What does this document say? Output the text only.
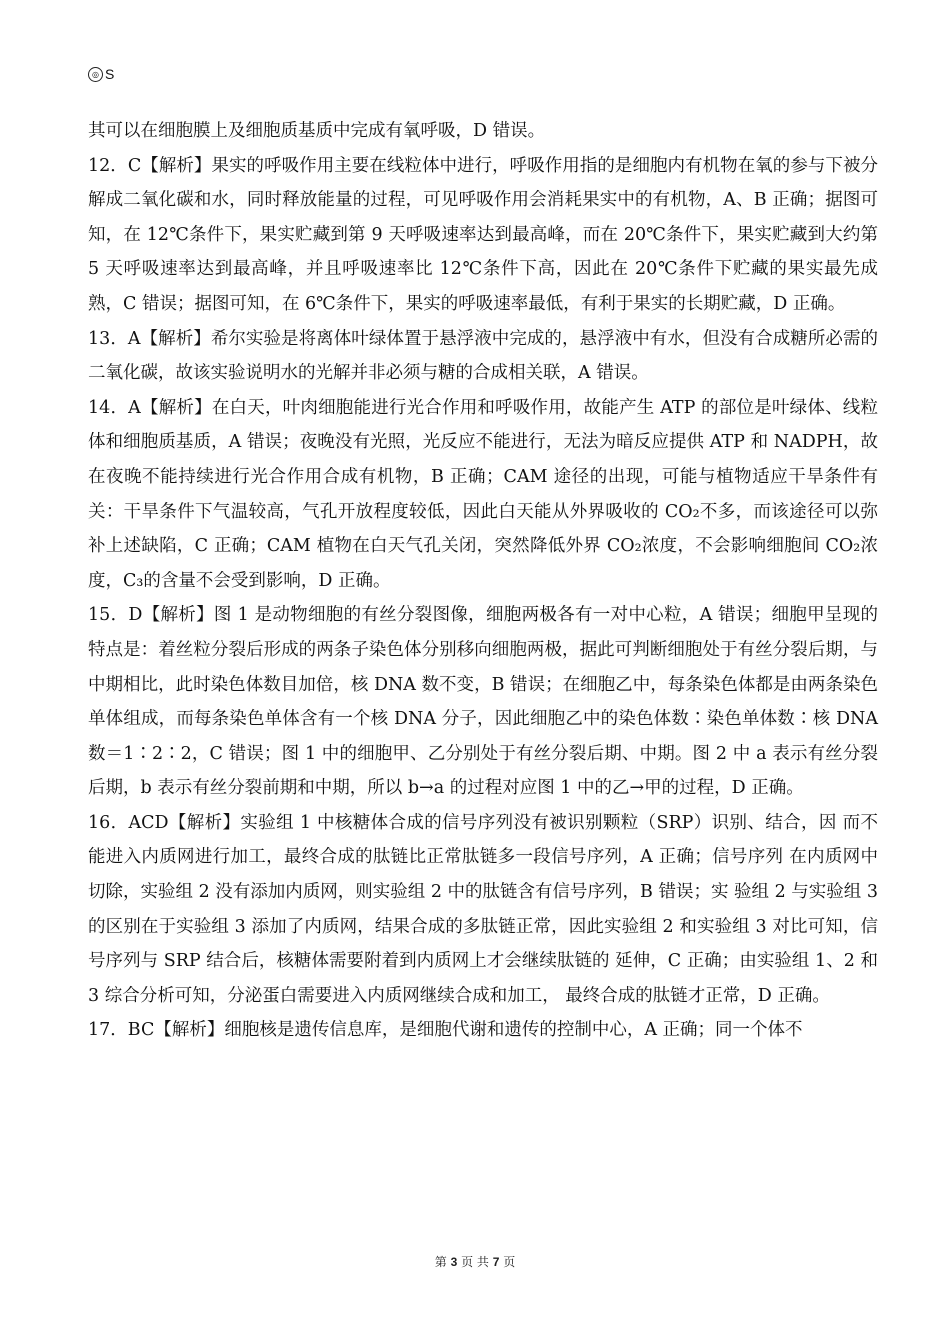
◎ S

其可以在细胞膜上及细胞质基质中完成有氧呼吸，D 错误。

12．C【解析】果实的呼吸作用主要在线粒体中进行，呼吸作用指的是细胞内有机物在氧的参与下被分解成二氧化碳和水，同时释放能量的过程，可见呼吸作用会消耗果实中的有机物，A、B 正确；据图可知，在 12℃条件下，果实贮藏到第 9 天呼吸速率达到最高峰，而在 20℃条件下，果实贮藏到大约第 5 天呼吸速率达到最高峰，并且呼吸速率比 12℃条件下高，因此在 20℃条件下贮藏的果实最先成熟，C 错误；据图可知，在 6℃条件下，果实的呼吸速率最低，有利于果实的长期贮藏，D 正确。

13．A【解析】希尔实验是将离体叶绿体置于悬浮液中完成的，悬浮液中有水，但没有合成糖所必需的二氧化碳，故该实验说明水的光解并非必须与糖的合成相关联，A 错误。

14．A【解析】在白天，叶肉细胞能进行光合作用和呼吸作用，故能产生 ATP 的部位是叶绿体、线粒体和细胞质基质，A 错误；夜晚没有光照，光反应不能进行，无法为暗反应提供 ATP 和 NADPH，故在夜晚不能持续进行光合作用合成有机物，B 正确；CAM 途径的出现，可能与植物适应干旱条件有关：干旱条件下气温较高，气孔开放程度较低，因此白天能从外界吸收的 CO₂不多，而该途径可以弥补上述缺陷，C 正确；CAM 植物在白天气孔关闭，突然降低外界 CO₂浓度，不会影响细胞间 CO₂浓度，C₃的含量不会受到影响，D 正确。

15．D【解析】图 1 是动物细胞的有丝分裂图像，细胞两极各有一对中心粒，A 错误；细胞甲呈现的特点是：着丝粒分裂后形成的两条子染色体分别移向细胞两极，据此可判断细胞处于有丝分裂后期，与中期相比，此时染色体数目加倍，核 DNA 数不变，B 错误；在细胞乙中，每条染色体都是由两条染色单体组成，而每条染色单体含有一个核 DNA 分子，因此细胞乙中的染色体数∶染色单体数∶核 DNA 数＝1∶2∶2，C 错误；图 1 中的细胞甲、乙分别处于有丝分裂后期、中期。图 2 中 a 表示有丝分裂后期，b 表示有丝分裂前期和中期，所以 b→a 的过程对应图 1 中的乙→甲的过程，D 正确。

16．ACD【解析】实验组 1 中核糖体合成的信号序列没有被识别颗粒（SRP）识别、结合，因 而不能进入内质网进行加工，最终合成的肽链比正常肽链多一段信号序列，A 正确；信号序列 在内质网中切除，实验组 2 没有添加内质网，则实验组 2 中的肽链含有信号序列，B 错误；实 验组 2 与实验组 3 的区别在于实验组 3 添加了内质网，结果合成的多肽链正常，因此实验组 2 和实验组 3 对比可知，信号序列与 SRP 结合后，核糖体需要附着到内质网上才会继续肽链的 延伸，C 正确；由实验组 1、2 和 3 综合分析可知，分泌蛋白需要进入内质网继续合成和加工， 最终合成的肽链才正常，D 正确。

17．BC【解析】细胞核是遗传信息库，是细胞代谢和遗传的控制中心，A 正确；同一个体不

第 3 页 共 7 页
